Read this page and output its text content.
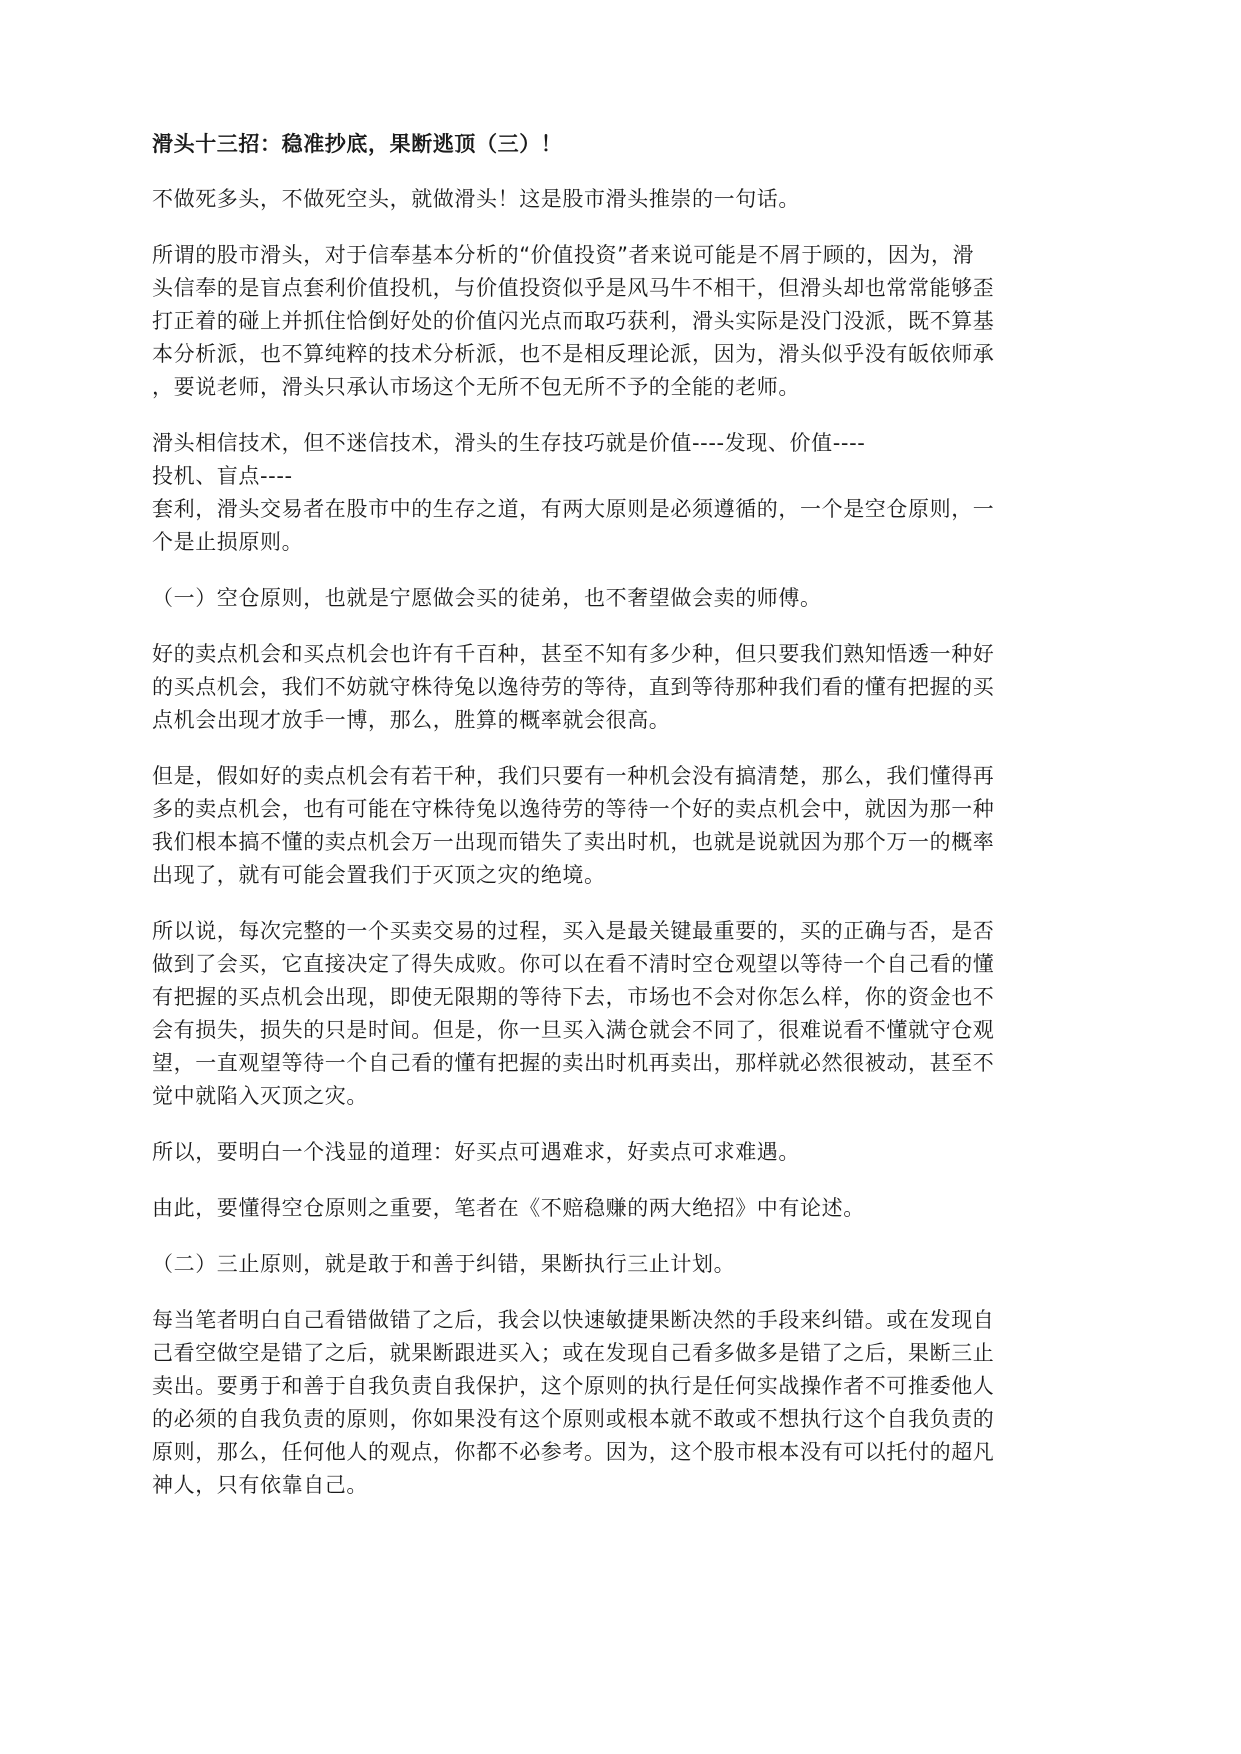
滑头十三招：稳准抄底，果断逃顶（三）！
不做死多头，不做死空头，就做滑头！这是股市滑头推崇的一句话。
所谓的股市滑头，对于信奉基本分析的“价值投资”者来说可能是不屑于顾的，因为，滑
头信奉的是盲点套利价值投机，与价值投资似乎是风马牛不相干，但滑头却也常常能够歪
打正着的碰上并抓住恰倒好处的价值闪光点而取巧获利，滑头实际是没门没派，既不算基
本分析派，也不算纯粹的技术分析派，也不是相反理论派，因为，滑头似乎没有皈依师承
，要说老师，滑头只承认市场这个无所不包无所不予的全能的老师。
滑头相信技术，但不迷信技术，滑头的生存技巧就是价值----发现、价值----
投机、盲点----
套利，滑头交易者在股市中的生存之道，有两大原则是必须遵循的，一个是空仓原则，一
个是止损原则。
（一）空仓原则，也就是宁愿做会买的徒弟，也不奢望做会卖的师傅。
好的卖点机会和买点机会也许有千百种，甚至不知有多少种，但只要我们熟知悟透一种好
的买点机会，我们不妨就守株待兔以逸待劳的等待，直到等待那种我们看的懂有把握的买
点机会出现才放手一博，那么，胜算的概率就会很高。
但是，假如好的卖点机会有若干种，我们只要有一种机会没有搞清楚，那么，我们懂得再
多的卖点机会，也有可能在守株待兔以逸待劳的等待一个好的卖点机会中，就因为那一种
我们根本搞不懂的卖点机会万一出现而错失了卖出时机，也就是说就因为那个万一的概率
出现了，就有可能会置我们于灭顶之灾的绝境。
所以说，每次完整的一个买卖交易的过程，买入是最关键最重要的，买的正确与否，是否
做到了会买，它直接决定了得失成败。你可以在看不清时空仓观望以等待一个自己看的懂
有把握的买点机会出现，即使无限期的等待下去，市场也不会对你怎么样，你的资金也不
会有损失，损失的只是时间。但是，你一旦买入满仓就会不同了，很难说看不懂就守仓观
望，一直观望等待一个自己看的懂有把握的卖出时机再卖出，那样就必然很被动，甚至不
觉中就陷入灭顶之灾。
所以，要明白一个浅显的道理：好买点可遇难求，好卖点可求难遇。
由此，要懂得空仓原则之重要，笔者在《不赔稳赚的两大绝招》中有论述。
（二）三止原则，就是敢于和善于纠错，果断执行三止计划。
每当笔者明白自己看错做错了之后，我会以快速敏捷果断决然的手段来纠错。或在发现自
己看空做空是错了之后，就果断跟进买入；或在发现自己看多做多是错了之后，果断三止
卖出。要勇于和善于自我负责自我保护，这个原则的执行是任何实战操作者不可推委他人
的必须的自我负责的原则，你如果没有这个原则或根本就不敢或不想执行这个自我负责的
原则，那么，任何他人的观点，你都不必参考。因为，这个股市根本没有可以托付的超凡
神人，只有依靠自己。
